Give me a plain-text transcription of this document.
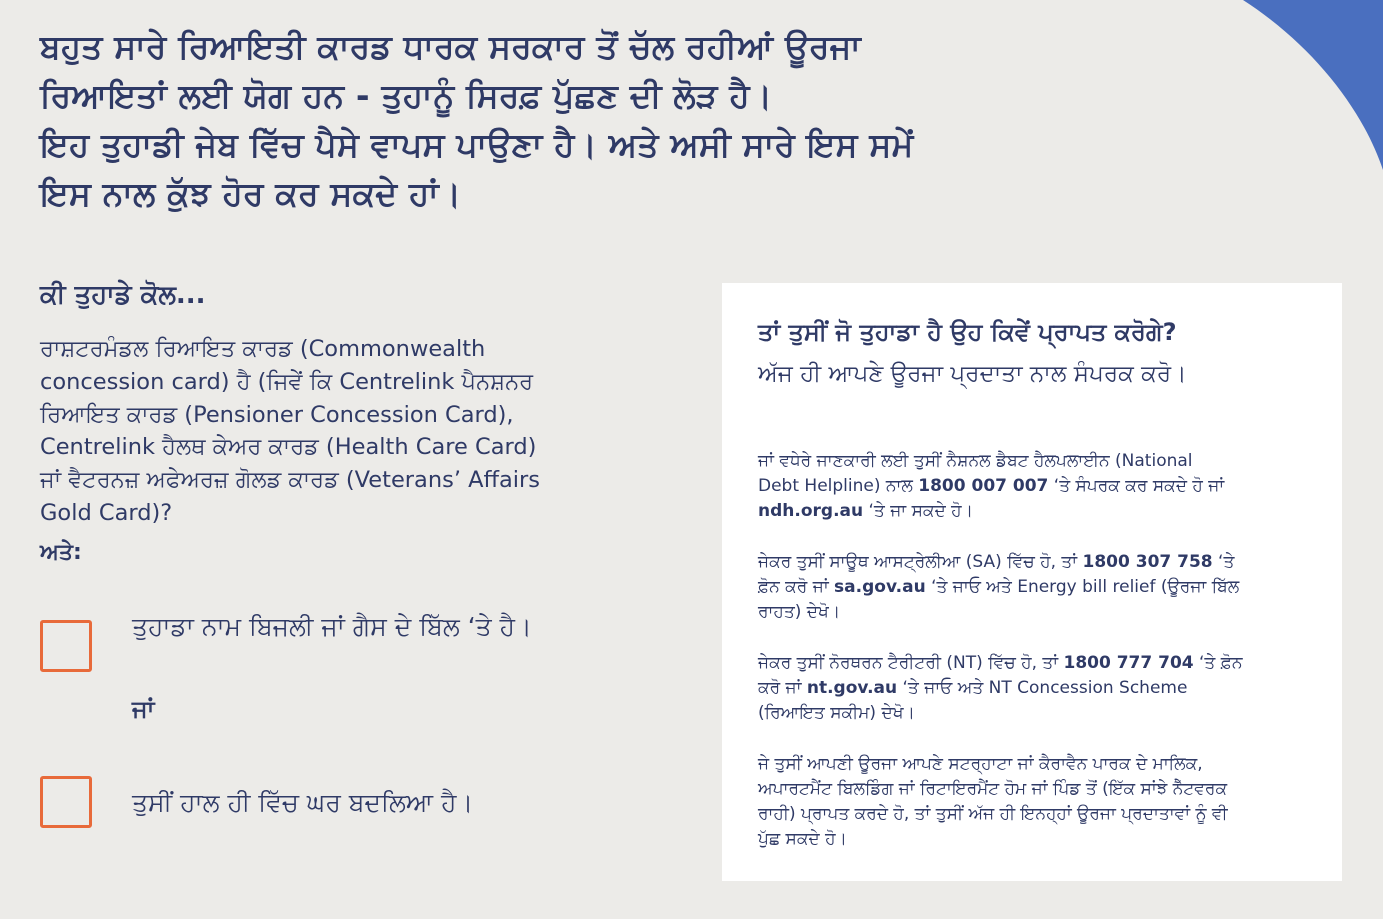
ਬਹੁਤ ਸਾਰੇ ਰਿਆਇਤੀ ਕਾਰਡ ਧਾਰਕ ਸਰਕਾਰ ਤੋਂ ਚੱਲ ਰਹੀਆਂ ਊਰਜਾ
ਰਿਆਇਤਾਂ ਲਈ ਯੋਗ ਹਨ - ਤੁਹਾਨੂੰ ਸਿਰਫ਼ ਪੁੱਛਣ ਦੀ ਲੋੜ ਹੈ।
ਇਹ ਤੁਹਾਡੀ ਜੇਬ ਵਿੱਚ ਪੈਸੇ ਵਾਪਸ ਪਾਉਣਾ ਹੈ। ਅਤੇ ਅਸੀ ਸਾਰੇ ਇਸ ਸਮੇਂ
ਇਸ ਨਾਲ ਕੁੱਝ ਹੋਰ ਕਰ ਸਕਦੇ ਹਾਂ।
ਕੀ ਤੁਹਾਡੇ ਕੋਲ...
ਰਾਸ਼ਟਰਮੰਡਲ ਰਿਆਇਤ ਕਾਰਡ (Commonwealth
concession card) ਹੈ (ਜਿਵੇਂ ਕਿ Centrelink ਪੈਨਸ਼ਨਰ
ਰਿਆਇਤ ਕਾਰਡ (Pensioner Concession Card),
Centrelink ਹੈਲਥ ਕੇਅਰ ਕਾਰਡ (Health Care Card)
ਜਾਂ ਵੈਟਰਨਜ਼ ਅਫੇਅਰਜ਼ ਗੋਲਡ ਕਾਰਡ (Veterans’ Affairs
Gold Card)?
ਅਤੇ:
ਤੁਹਾਡਾ ਨਾਮ ਬਿਜਲੀ ਜਾਂ ਗੈਸ ਦੇ ਬਿੱਲ ‘ਤੇ ਹੈ।
ਜਾਂ
ਤੁਸੀਂ ਹਾਲ ਹੀ ਵਿੱਚ ਘਰ ਬਦਲਿਆ ਹੈ।
ਤਾਂ ਤੁਸੀਂ ਜੋ ਤੁਹਾਡਾ ਹੈ ਉਹ ਕਿਵੇਂ ਪ੍ਰਾਪਤ ਕਰੋਗੇ?
ਅੱਜ ਹੀ ਆਪਣੇ ਊਰਜਾ ਪ੍ਰਦਾਤਾ ਨਾਲ ਸੰਪਰਕ ਕਰੋ।
ਜਾਂ ਵਧੇਰੇ ਜਾਣਕਾਰੀ ਲਈ ਤੁਸੀਂ ਨੈਸ਼ਨਲ ਡੈਬਟ ਹੈਲਪਲਾਈਨ (National
Debt Helpline) ਨਾਲ 1800 007 007 ‘ਤੇ ਸੰਪਰਕ ਕਰ ਸਕਦੇ ਹੋ ਜਾਂ
ndh.org.au ‘ਤੇ ਜਾ ਸਕਦੇ ਹੋ।
ਜੇਕਰ ਤੁਸੀਂ ਸਾਊਥ ਆਸਟ੍ਰੇਲੀਆ (SA) ਵਿੱਚ ਹੋ, ਤਾਂ 1800 307 758 ‘ਤੇ
ਫ਼ੋਨ ਕਰੋ ਜਾਂ sa.gov.au ‘ਤੇ ਜਾਓ ਅਤੇ Energy bill relief (ਊਰਜਾ ਬਿੱਲ
ਰਾਹਤ) ਦੇਖੋ।
ਜੇਕਰ ਤੁਸੀਂ ਨੋਰਥਰਨ ਟੈਰੀਟਰੀ (NT) ਵਿੱਚ ਹੋ, ਤਾਂ 1800 777 704 ‘ਤੇ ਫ਼ੋਨ
ਕਰੋ ਜਾਂ nt.gov.au ‘ਤੇ ਜਾਓ ਅਤੇ NT Concession Scheme
(ਰਿਆਇਤ ਸਕੀਮ) ਦੇਖੋ।
ਜੇ ਤੁਸੀਂ ਆਪਣੀ ਊਰਜਾ ਆਪਣੇ ਸਟਰ੍ਹਾਟਾ ਜਾਂ ਕੈਰਾਵੈਨ ਪਾਰਕ ਦੇ ਮਾਲਿਕ,
ਅਪਾਰਟਮੈਂਟ ਬਿਲਡਿੰਗ ਜਾਂ ਰਿਟਾਇਰਮੈਂਟ ਹੋਮ ਜਾਂ ਪਿੰਡ ਤੋਂ (ਇੱਕ ਸਾਂਝੇ ਨੈੱਟਵਰਕ
ਰਾਹੀ) ਪ੍ਰਾਪਤ ਕਰਦੇ ਹੋ, ਤਾਂ ਤੁਸੀਂ ਅੱਜ ਹੀ ਇਨਹ੍ਹਾਂ ਊਰਜਾ ਪ੍ਰਦਾਤਾਵਾਂ ਨੂੰ ਵੀ
ਪੁੱਛ ਸਕਦੇ ਹੋ।
